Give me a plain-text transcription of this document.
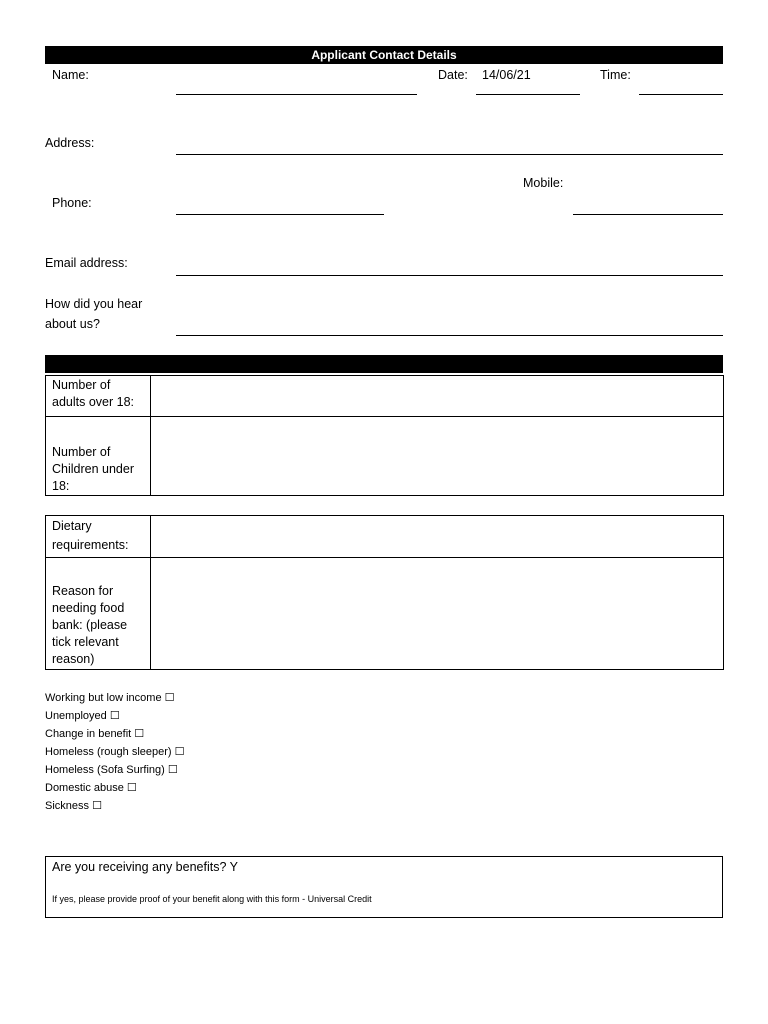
Applicant Contact Details
Name:	Date: 14/06/21	Time:
Address:
Mobile:
Phone:
Email address:
How did you hear
about us?
Number of adults over 18:
Number of Children under 18:
Dietary requirements:
Reason for needing food bank: (please tick relevant reason)
Working but low income ☐
Unemployed ☐
Change in benefit ☐
Homeless (rough sleeper) ☐
Homeless (Sofa Surfing) ☐
Domestic abuse ☐
Sickness ☐
Are you receiving any benefits? Y
If yes, please provide proof of your benefit along with this form - Universal Credit
